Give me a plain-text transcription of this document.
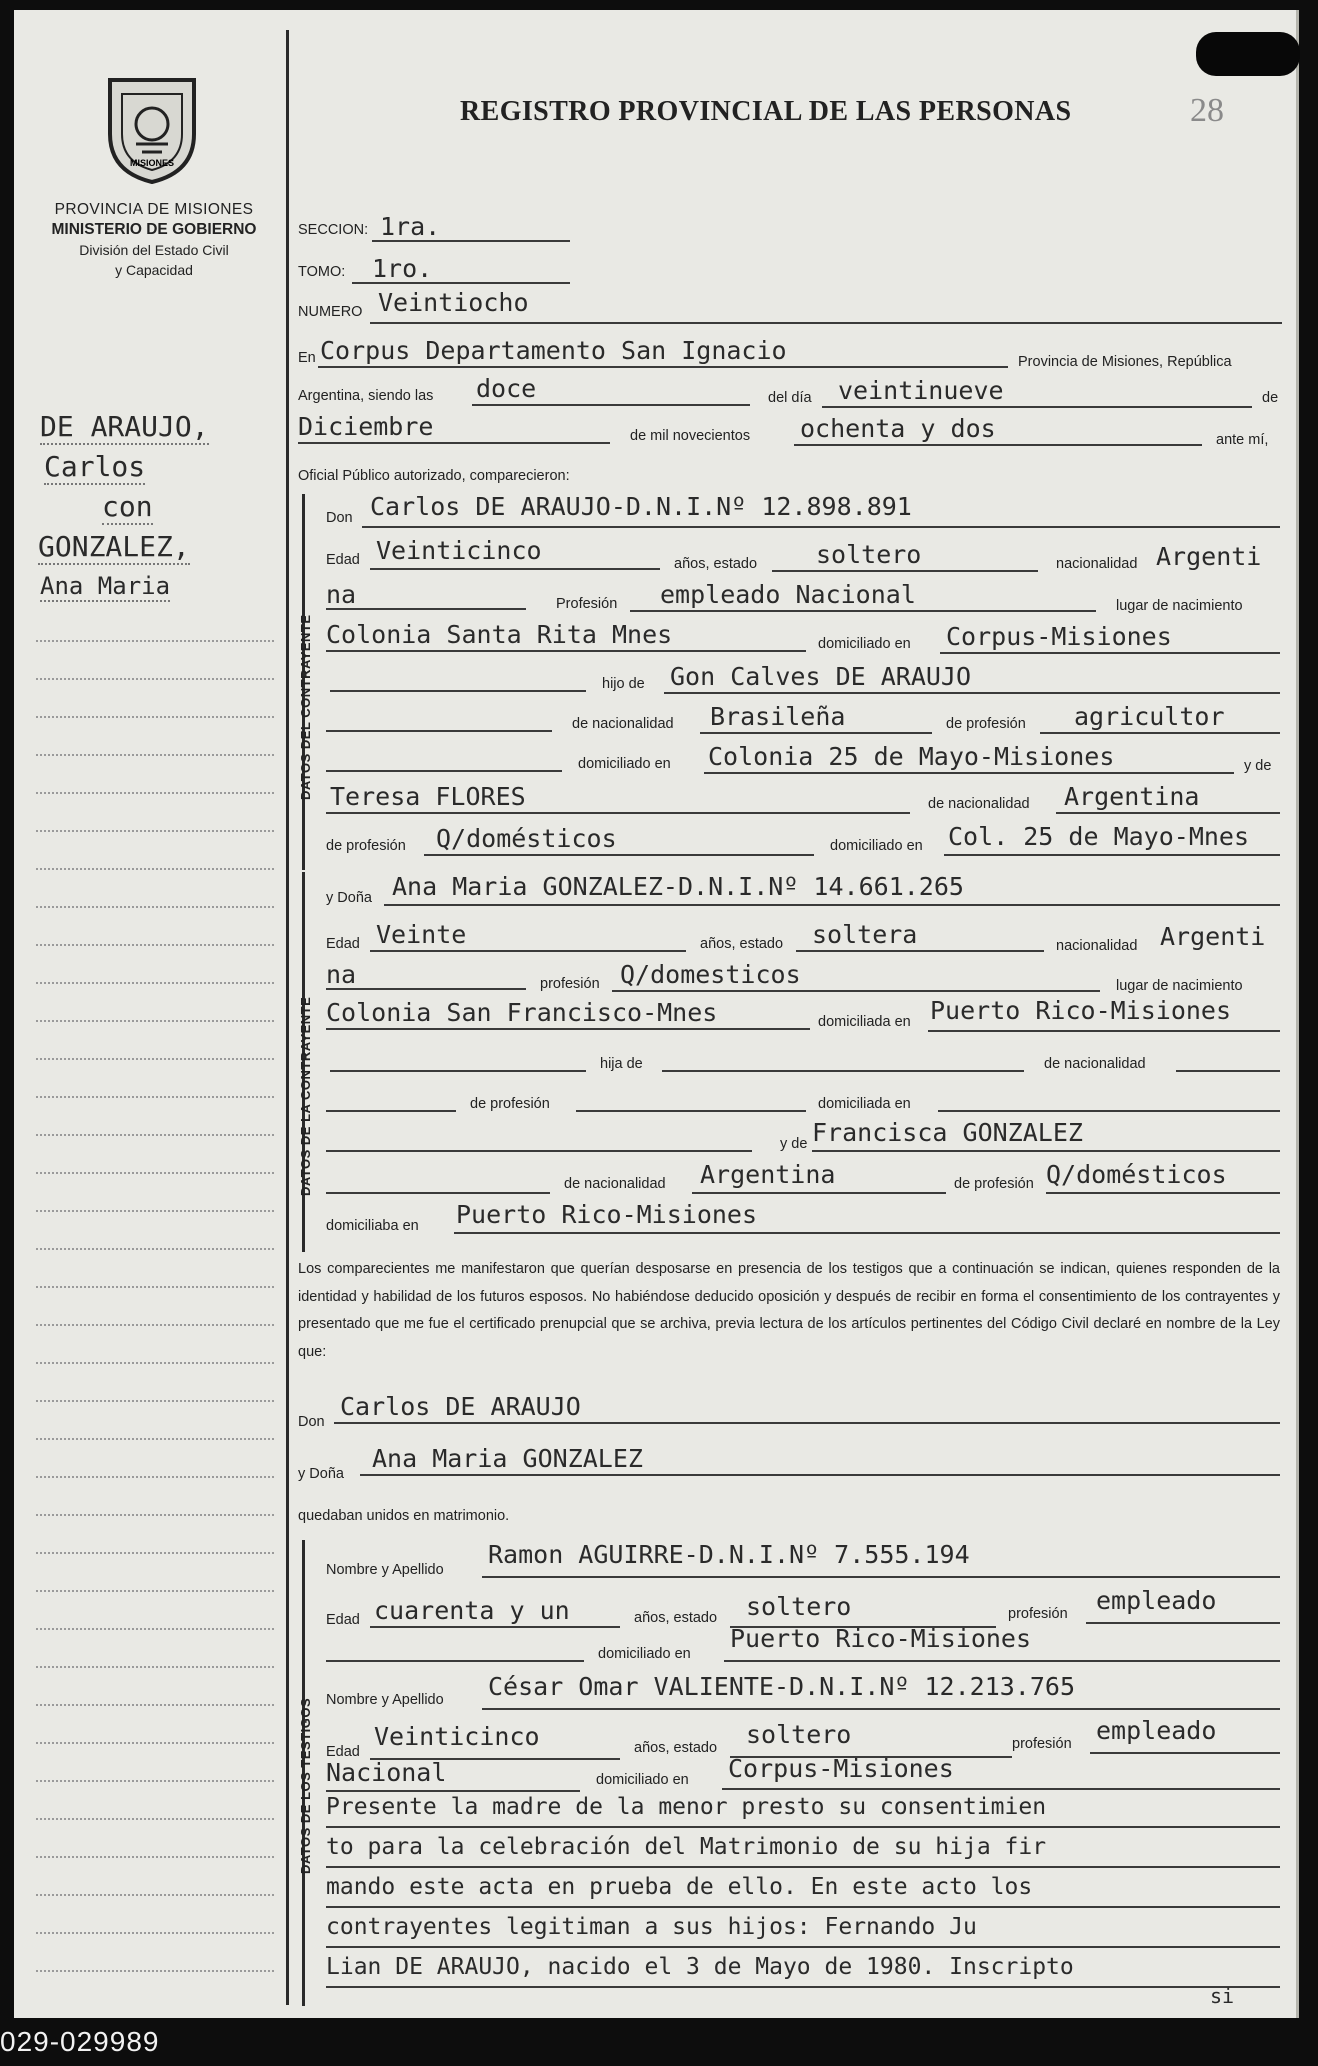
MISIONES
PROVINCIA DE MISIONES
MINISTERIO DE GOBIERNO
División del Estado Civil
y Capacidad
REGISTRO PROVINCIAL DE LAS PERSONAS	28
DE ARAUJO,
Carlos
con
GONZALEZ,
Ana Maria
SECCION: 1ra.
TOMO: 1ro.
NUMERO Veintiocho
En Corpus Departamento San Ignacio	Provincia de Misiones, República
Argentina, siendo las doce	del día veintinueve	de
Diciembre	de mil novecientos ochenta y dos	ante mí,
Oficial Público autorizado, comparecieron:
DATOS DEL CONTRAYENTE
Don Carlos DE ARAUJO-D.N.I.Nº 12.898.891
Edad Veinticinco	años, estado soltero	nacionalidad Argenti
na	Profesión empleado Nacional	lugar de nacimiento
Colonia Santa Rita Mnes	domiciliado en Corpus-Misiones
hijo de Gon Calves DE ARAUJO
de nacionalidad Brasileña	de profesión agricultor
domiciliado en Colonia 25 de Mayo-Misiones	y de
Teresa FLORES	de nacionalidad Argentina
de profesión Q/domésticos	domiciliado en Col. 25 de Mayo-Mnes
DATOS DE LA CONTRAYENTE
y Doña Ana Maria GONZALEZ-D.N.I.Nº 14.661.265
Edad Veinte	años, estado soltera	nacionalidad Argenti
na	profesión Q/domesticos	lugar de nacimiento
Colonia San Francisco-Mnes	domiciliada en Puerto Rico-Misiones
hija de	de nacionalidad
de profesión	domiciliada en
y de Francisca GONZALEZ
de nacionalidad Argentina	de profesión Q/domésticos
domiciliaba en Puerto Rico-Misiones
Los comparecientes me manifestaron que querían desposarse en presencia de los testigos que a continuación se indican, quienes responden de la identidad y habilidad de los futuros esposos. No habiéndose deducido oposición y después de recibir en forma el consentimiento de los contrayentes y presentado que me fue el certificado prenupcial que se archiva, previa lectura de los artículos pertinentes del Código Civil declaré en nombre de la Ley que:
Don
Carlos DE ARAUJO
y Doña
Ana Maria GONZALEZ
quedaban unidos en matrimonio.
DATOS DE LOS TESTIGOS
Nombre y Apellido
Ramon AGUIRRE-D.N.I.Nº 7.555.194
Edad cuarenta y un	años, estado soltero	profesión empleado
domiciliado en
Puerto Rico-Misiones
Nombre y Apellido César Omar VALIENTE-D.N.I.Nº 12.213.765
Edad
Veinticinco	años, estado soltero	profesión empleado
Nacional	domiciliado en Corpus-Misiones
Presente la madre de la menor presto su consentimien
to para la celebración del Matrimonio de su hija fir
mando este acta en prueba de ello. En este acto los
contrayentes legitiman a sus hijos: Fernando Ju
Lian DE ARAUJO, nacido el 3 de Mayo de 1980. Inscripto
si
029-029989
